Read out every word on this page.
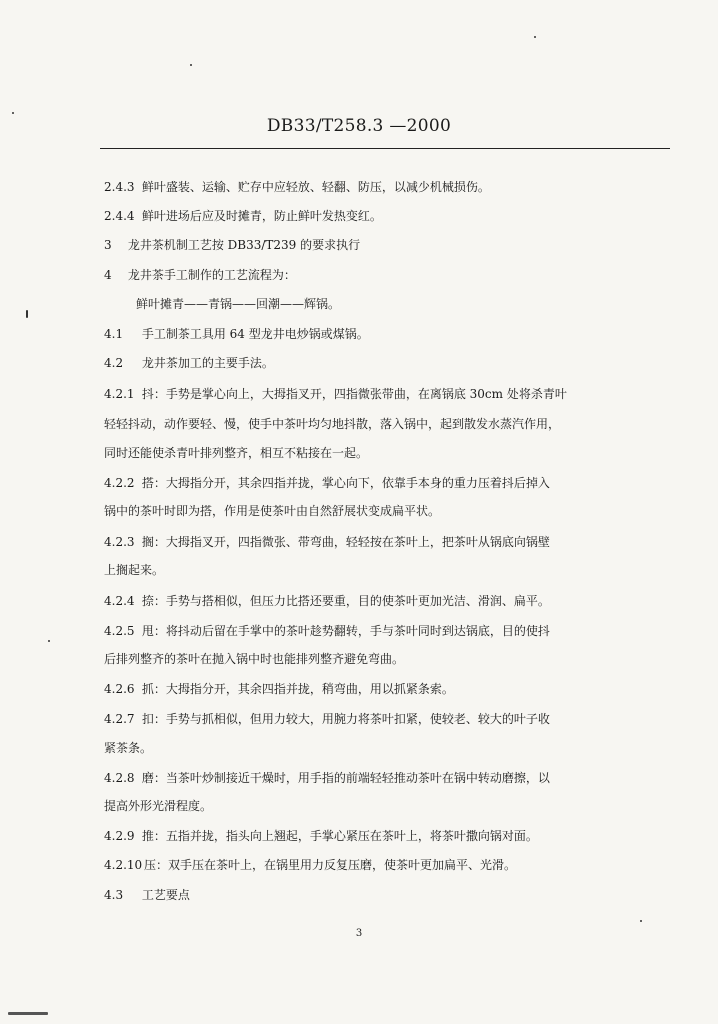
DB33/T258.3 —2000
2.4.3 鲜叶盛装、运输、贮存中应轻放、轻翻、防压，以减少机械损伤。
2.4.4 鲜叶进场后应及时摊青，防止鲜叶发热变红。
3 龙井茶机制工艺按 DB33/T239 的要求执行
4 龙井茶手工制作的工艺流程为：
鲜叶摊青——青锅——回潮——辉锅。
4.1 手工制茶工具用 64 型龙井电炒锅或煤锅。
4.2 龙井茶加工的主要手法。
4.2.1 抖：手势是掌心向上，大拇指叉开，四指微张带曲，在离锅底 30cm 处将杀青叶
轻轻抖动，动作要轻、慢，使手中茶叶均匀地抖散，落入锅中，起到散发水蒸汽作用，
同时还能使杀青叶排列整齐，相互不粘接在一起。
4.2.2 搭：大拇指分开，其余四指并拢，掌心向下，依靠手本身的重力压着抖后掉入
锅中的茶叶时即为搭，作用是使茶叶由自然舒展状变成扁平状。
4.2.3 搁：大拇指叉开，四指微张、带弯曲，轻轻按在茶叶上，把茶叶从锅底向锅壁
上搁起来。
4.2.4 捺：手势与搭相似，但压力比搭还要重，目的使茶叶更加光洁、滑润、扁平。
4.2.5 甩：将抖动后留在手掌中的茶叶趁势翻转，手与茶叶同时到达锅底，目的使抖
后排列整齐的茶叶在抛入锅中时也能排列整齐避免弯曲。
4.2.6 抓：大拇指分开，其余四指并拢，稍弯曲，用以抓紧条索。
4.2.7 扣：手势与抓相似，但用力较大，用腕力将茶叶扣紧，使较老、较大的叶子收
紧茶条。
4.2.8 磨：当茶叶炒制接近干燥时，用手指的前端轻轻推动茶叶在锅中转动磨擦，以
提高外形光滑程度。
4.2.9 推：五指并拢，指头向上翘起，手掌心紧压在茶叶上，将茶叶撒向锅对面。
4.2.10 压：双手压在茶叶上，在锅里用力反复压磨，使茶叶更加扁平、光滑。
4.3 工艺要点
3
